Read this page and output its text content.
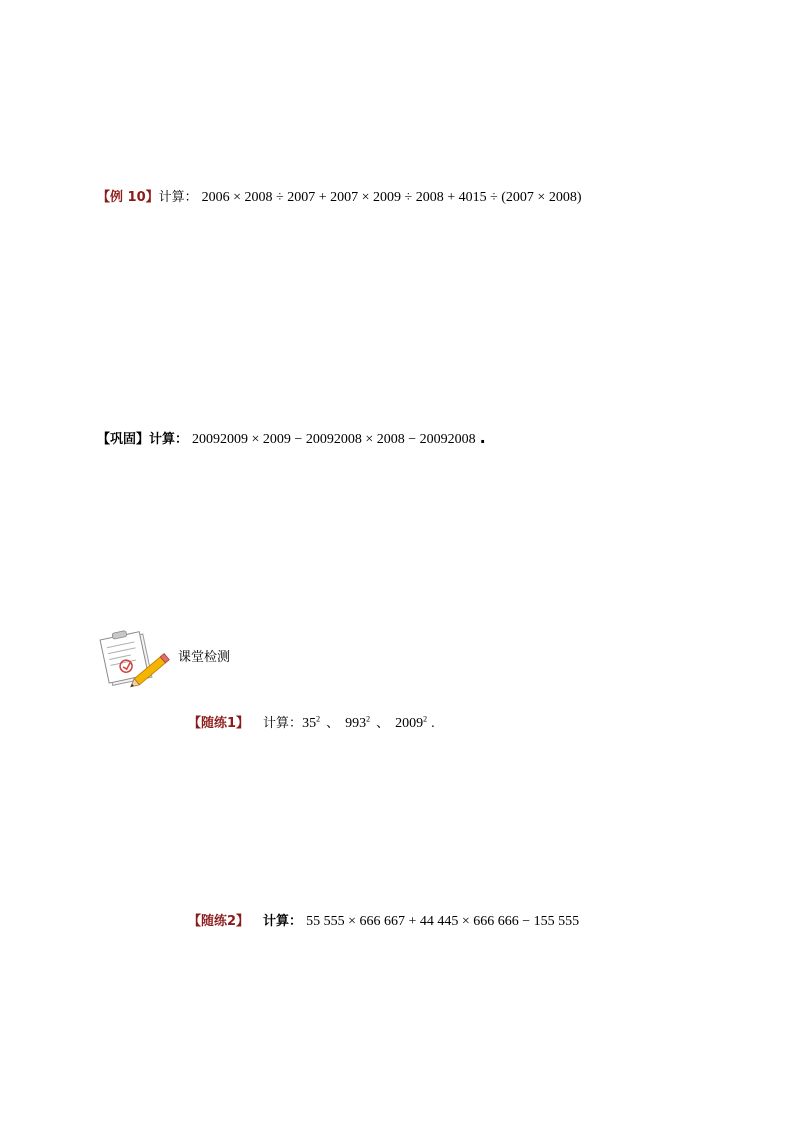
【例 10】 计算： 2006 × 2008 ÷ 2007 + 2007 × 2009 ÷ 2008 + 4015 ÷ (2007 × 2008)
【巩固】 计算： 20092009 × 2009 − 20092008 × 2008 − 20092008 .
课堂检测
【随练1】 计算： $35^2$ 、 $993^2$ 、 2009$^2$ .
【随练2】 计算： 55 555 × 666 667 + 44 445 × 666 666 − 155 555
